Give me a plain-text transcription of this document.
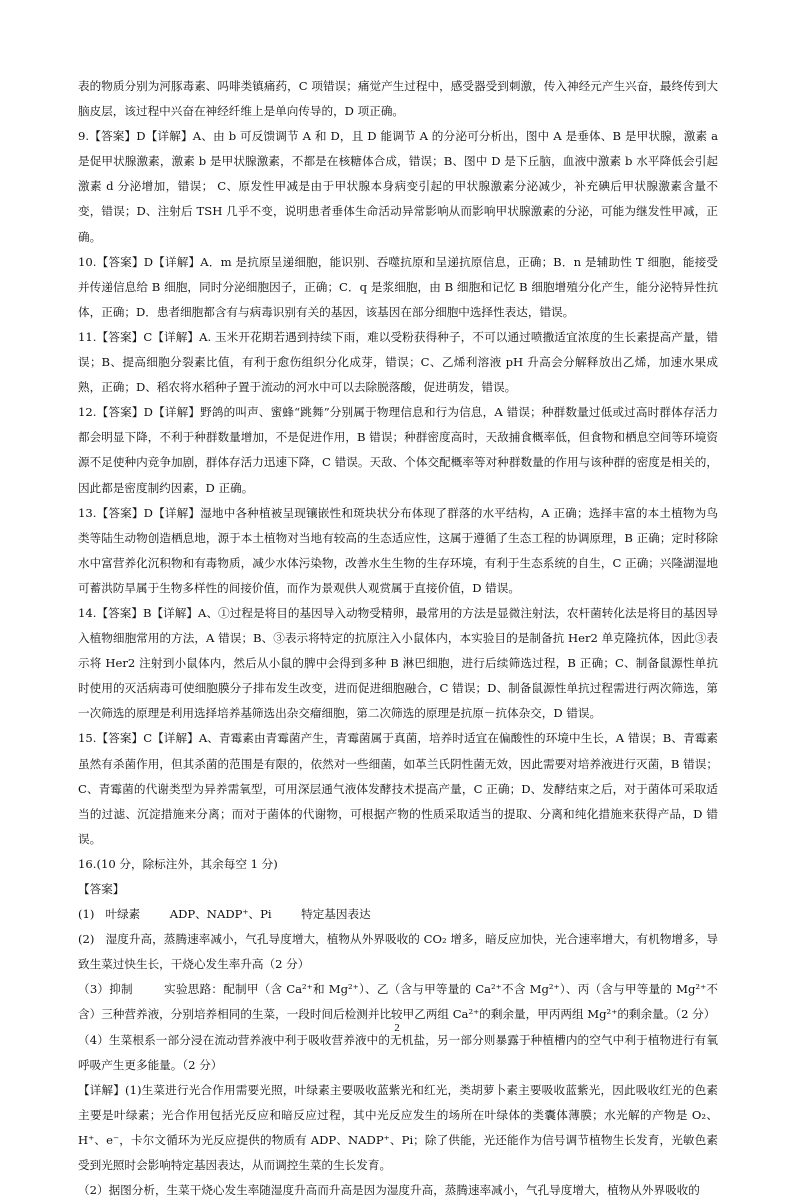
表的物质分别为河豚毒素、吗啡类镇痛药，C 项错误；痛觉产生过程中，感受器受到刺激，传入神经元产生兴奋，最终传到大脑皮层，该过程中兴奋在神经纤维上是单向传导的，D 项正确。

9.【答案】D【详解】A、由 b 可反馈调节 A 和 D，且 D 能调节 A 的分泌可分析出，图中 A 是垂体、B 是甲状腺，激素 a 是促甲状腺激素，激素 b 是甲状腺激素，不都是在核糖体合成，错误；B、图中 D 是下丘脑，血液中激素 b 水平降低会引起激素 d 分泌增加，错误； C、原发性甲减是由于甲状腺本身病变引起的甲状腺激素分泌减少，补充碘后甲状腺激素含量不变，错误；D、注射后 TSH 几乎不变，说明患者垂体生命活动异常影响从而影响甲状腺激素的分泌，可能为继发性甲减，正确。

10.【答案】D【详解】A．m 是抗原呈递细胞，能识别、吞噬抗原和呈递抗原信息，正确；B．n 是辅助性 T 细胞，能接受并传递信息给 B 细胞，同时分泌细胞因子，正确；C．q 是浆细胞，由 B 细胞和记忆 B 细胞增殖分化产生，能分泌特异性抗体，正确；D．患者细胞都含有与病毒识别有关的基因，该基因在部分细胞中选择性表达，错误。

11.【答案】C【详解】A. 玉米开花期若遇到持续下雨，难以受粉获得种子，不可以通过喷撒适宜浓度的生长素提高产量，错误；B、提高细胞分裂素比值，有利于愈伤组织分化成芽，错误；C、乙烯利溶液 pH 升高会分解释放出乙烯，加速水果成熟，正确；D、稻农将水稻种子置于流动的河水中可以去除脱落酸，促进萌发，错误。

12.【答案】D【详解】野鸽的叫声、蜜蜂“跳舞”分别属于物理信息和行为信息，A 错误；种群数量过低或过高时群体存活力都会明显下降，不利于种群数量增加，不是促进作用，B 错误；种群密度高时，天敌捕食概率低，但食物和栖息空间等环境资源不足使种内竞争加剧，群体存活力迅速下降，C 错误。天敌、个体交配概率等对种群数量的作用与该种群的密度是相关的，因此都是密度制约因素，D 正确。

13.【答案】D【详解】湿地中各种植被呈现镶嵌性和斑块状分布体现了群落的水平结构，A 正确；选择丰富的本土植物为鸟类等陆生动物创造栖息地，源于本土植物对当地有较高的生态适应性，这属于遵循了生态工程的协调原理，B 正确；定时移除水中富营养化沉积物和有毒物质，减少水体污染物，改善水生生物的生存环境，有利于生态系统的自生，C 正确；兴隆湖湿地可蓄洪防旱属于生物多样性的间接价值，而作为景观供人观赏属于直接价值，D 错误。

14.【答案】B【详解】A、①过程是将目的基因导入动物受精卵，最常用的方法是显微注射法，农杆菌转化法是将目的基因导入植物细胞常用的方法，A 错误；B、③表示将特定的抗原注入小鼠体内，本实验目的是制备抗 Her2 单克隆抗体，因此③表示将 Her2 注射到小鼠体内，然后从小鼠的脾中会得到多种 B 淋巴细胞，进行后续筛选过程，B 正确；C、制备鼠源性单抗时使用的灭活病毒可使细胞膜分子排布发生改变，进而促进细胞融合，C 错误；D、制备鼠源性单抗过程需进行两次筛选，第一次筛选的原理是利用选择培养基筛选出杂交瘤细胞，第二次筛选的原理是抗原－抗体杂交，D 错误。

15.【答案】C【详解】A、青霉素由青霉菌产生，青霉菌属于真菌，培养时适宜在偏酸性的环境中生长，A 错误；B、青霉素虽然有杀菌作用，但其杀菌的范围是有限的，依然对一些细菌，如革兰氏阴性菌无效，因此需要对培养液进行灭菌，B 错误；C、青霉菌的代谢类型为异养需氧型，可用深层通气液体发酵技术提高产量，C 正确；D、发酵结束之后，对于菌体可采取适当的过滤、沉淀措施来分离；而对于菌体的代谢物，可根据产物的性质采取适当的提取、分离和纯化措施来获得产品，D 错误。

16.(10 分，除标注外，其余每空 1 分)

【答案】

(1)   叶绿素        ADP、NADP⁺、Pi        特定基因表达

(2)   湿度升高，蒸腾速率减小，气孔导度增大，植物从外界吸收的 CO₂ 增多，暗反应加快，光合速率增大，有机物增多，导致生菜过快生长，干烧心发生率升高（2 分）

（3）抑制        实验思路：配制甲（含 Ca²⁺和 Mg²⁺）、乙（含与甲等量的 Ca²⁺不含 Mg²⁺）、丙（含与甲等量的 Mg²⁺不含）三种营养液，分别培养相同的生菜，一段时间后检测并比较甲乙两组 Ca²⁺的剩余量，甲丙两组 Mg²⁺的剩余量。（2 分）

（4）生菜根系一部分浸在流动营养液中利于吸收营养液中的无机盐，另一部分则暴露于种植槽内的空气中利于植物进行有氧呼吸产生更多能量。（2 分）

【详解】(1)生菜进行光合作用需要光照，叶绿素主要吸收蓝紫光和红光，类胡萝卜素主要吸收蓝紫光，因此吸收红光的色素主要是叶绿素；光合作用包括光反应和暗反应过程，其中光反应发生的场所在叶绿体的类囊体薄膜；水光解的产物是 O₂、H⁺、e⁻，卡尔文循环为光反应提供的物质有 ADP、NADP⁺、Pi；除了供能，光还能作为信号调节植物生长发育，光敏色素受到光照时会影响特定基因表达，从而调控生菜的生长发育。

（2）据图分析，生菜干烧心发生率随湿度升高而升高是因为湿度升高，蒸腾速率减小，气孔导度增大，植物从外界吸收的

2
